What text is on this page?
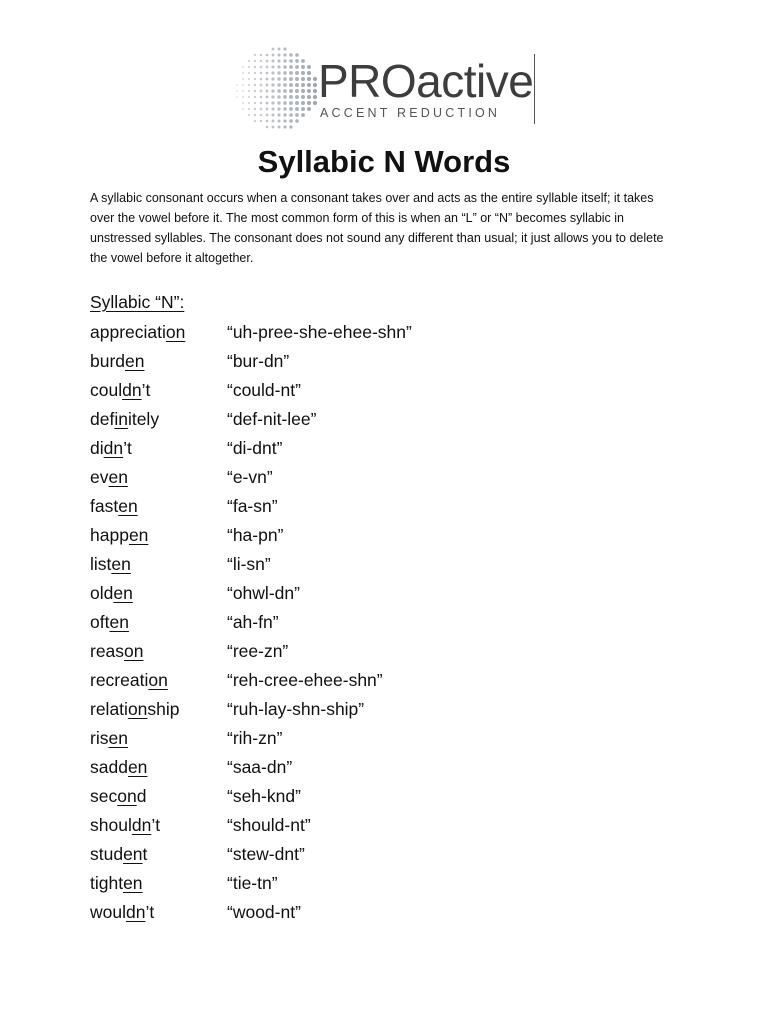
PROactive
ACCENT REDUCTION
Syllabic N Words
A syllabic consonant occurs when a consonant takes over and acts as the entire syllable itself; it takes
over the vowel before it. The most common form of this is when an “L” or “N” becomes syllabic in
unstressed syllables. The consonant does not sound any different than usual; it just allows you to delete
the vowel before it altogether.
Syllabic “N”:
appreciation “uh-pree-she-ehee-shn”
burden	“bur-dn”
couldn’t	“could-nt”
definitely	“def-nit-lee”
didn’t	“di-dnt”
even	“e-vn”
fasten	“fa-sn”
happen	“ha-pn”
listen	“li-sn”
olden	“ohwl-dn”
often	“ah-fn”
reason	“ree-zn”
recreation	“reh-cree-ehee-shn”
relationship	“ruh-lay-shn-ship”
risen	“rih-zn”
sadden	“saa-dn”
second	“seh-knd”
shouldn’t	“should-nt”
student	“stew-dnt”
tighten	“tie-tn”
wouldn’t	“wood-nt”
